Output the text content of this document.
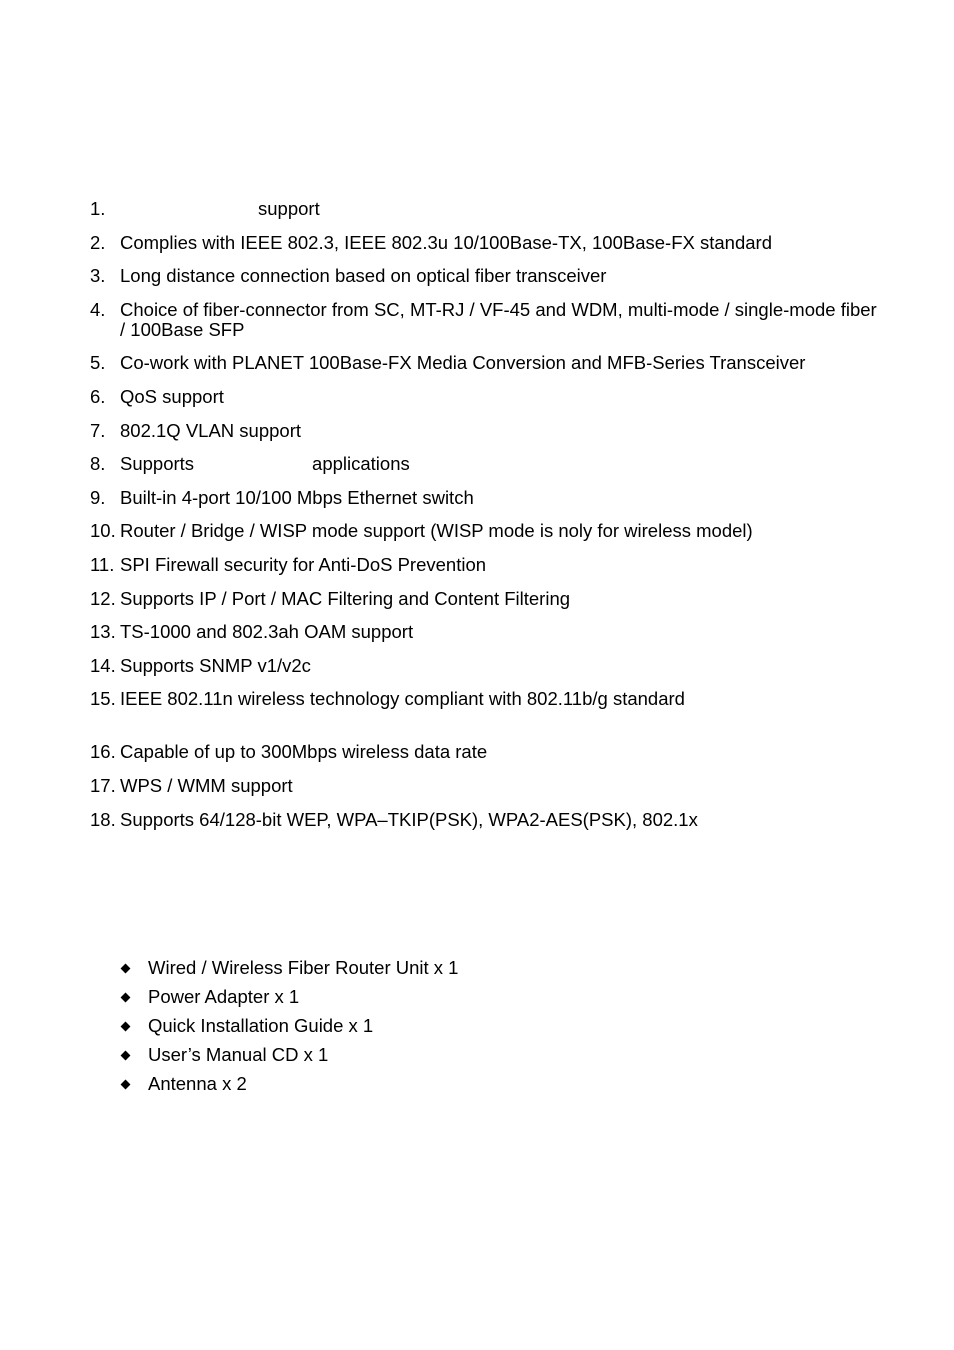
1.	support
2. Complies with IEEE 802.3, IEEE 802.3u 10/100Base-TX, 100Base-FX standard
3. Long distance connection based on optical fiber transceiver
4. Choice of fiber-connector from SC, MT-RJ / VF-45 and WDM, multi-mode / single-mode fiber / 100Base SFP
5. Co-work with PLANET 100Base-FX Media Conversion and MFB-Series Transceiver
6. QoS support
7. 802.1Q VLAN support
8. Supports	applications
9. Built-in 4-port 10/100 Mbps Ethernet switch
10. Router / Bridge / WISP mode support (WISP mode is noly for wireless model)
11. SPI Firewall security for Anti-DoS Prevention
12. Supports IP / Port / MAC Filtering and Content Filtering
13. TS-1000 and 802.3ah OAM support
14. Supports SNMP v1/v2c
15. IEEE 802.11n wireless technology compliant with 802.11b/g standard
16. Capable of up to 300Mbps wireless data rate
17. WPS / WMM support
18. Supports 64/128-bit WEP, WPA–TKIP(PSK), WPA2-AES(PSK), 802.1x
Wired / Wireless Fiber Router Unit x 1
Power Adapter x 1
Quick Installation Guide x 1
User’s Manual CD x 1
Antenna x 2
